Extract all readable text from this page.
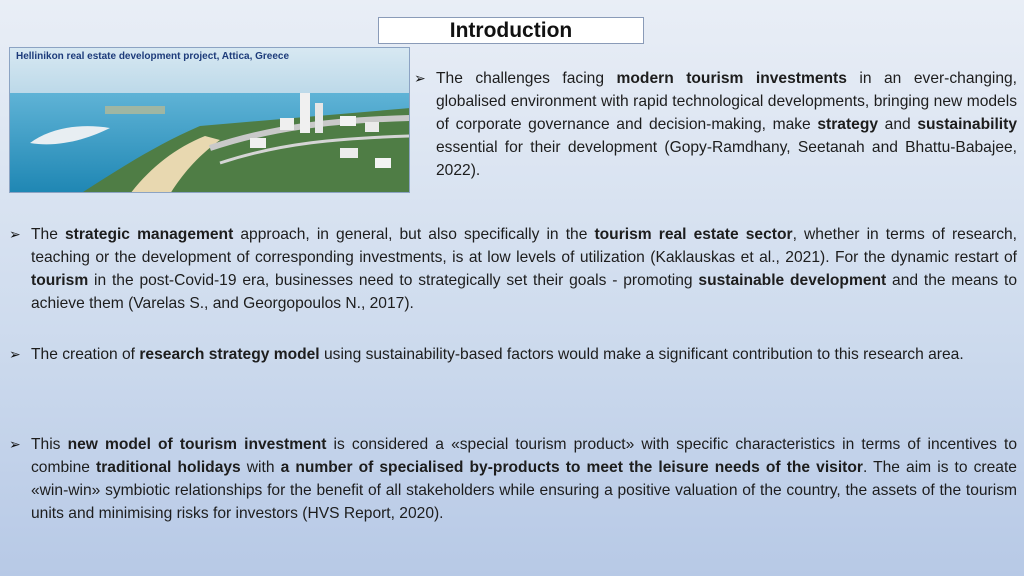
Introduction
Hellinikon real estate development project, Attica, Greece
➢ The challenges facing modern tourism investments in an ever-changing, globalised environment with rapid technological developments, bringing new models of corporate governance and decision-making, make strategy and sustainability essential for their development (Gopy-Ramdhany, Seetanah and Bhattu-Babajee, 2022).
➢ The strategic management approach, in general, but also specifically in the tourism real estate sector, whether in terms of research, teaching or the development of corresponding investments, is at low levels of utilization (Kaklauskas et al., 2021). For the dynamic restart of tourism in the post-Covid-19 era, businesses need to strategically set their goals - promoting sustainable development and the means to achieve them (Varelas S., and Georgopoulos N., 2017).
➢ The creation of research strategy model using sustainability-based factors would make a significant contribution to this research area.
➢ This new model of tourism investment is considered a «special tourism product» with specific characteristics in terms of incentives to combine traditional holidays with a number of specialised by-products to meet the leisure needs of the visitor. The aim is to create «win-win» symbiotic relationships for the benefit of all stakeholders while ensuring a positive valuation of the country, the assets of the tourism units and minimising risks for investors (HVS Report, 2020).
